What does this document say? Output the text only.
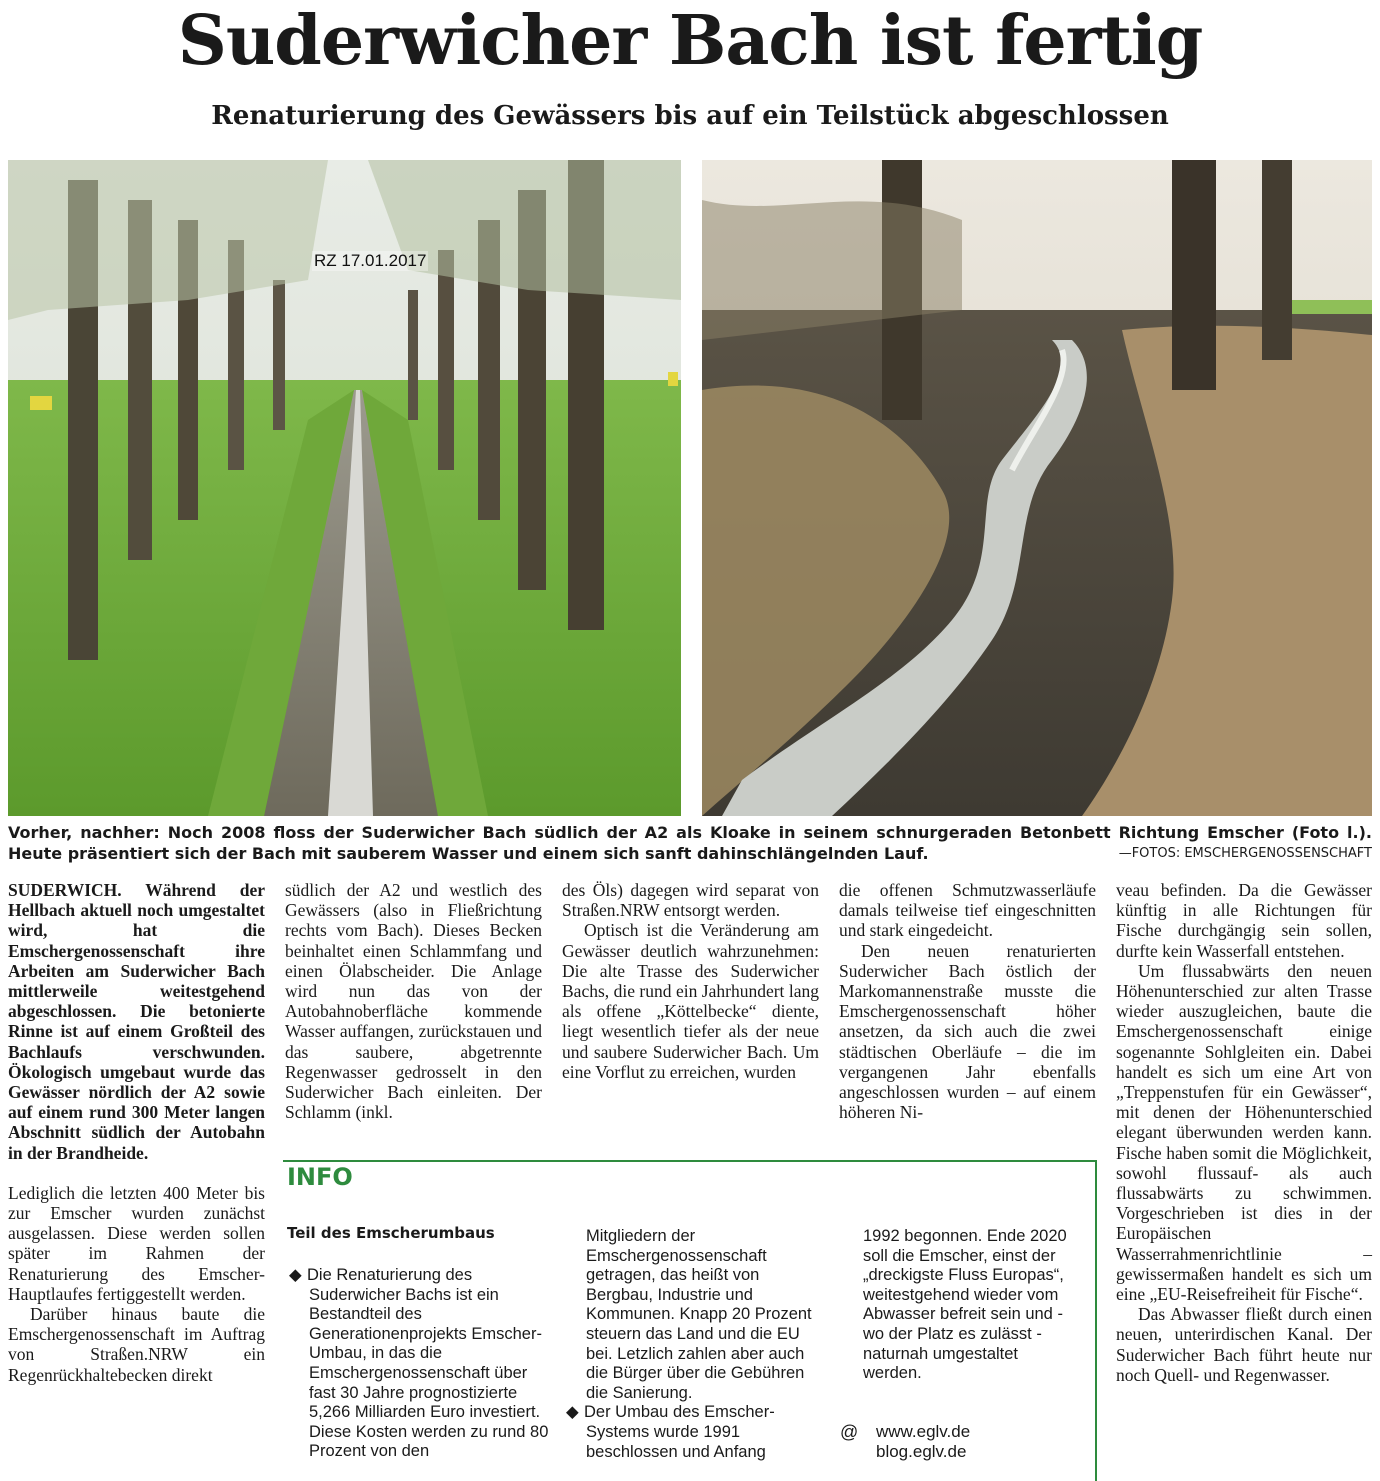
Suderwicher Bach ist fertig
Renaturierung des Gewässers bis auf ein Teilstück abgeschlossen
RZ 17.01.2017
Vorher, nachher: Noch 2008 floss der Suderwicher Bach südlich der A2 als Kloake in seinem schnurgeraden Betonbett Richtung Emscher (Foto l.). Heute präsentiert sich der Bach mit sauberem Wasser und einem sich sanft dahinschlängelnden Lauf.	—FOTOS: EMSCHERGENOSSENSCHAFT

SUDERWICH. Während der Hellbach aktuell noch umgestaltet wird, hat die Emschergenossenschaft ihre Arbeiten am Suderwicher Bach mittlerweile weitestgehend abgeschlossen. Die betonierte Rinne ist auf einem Großteil des Bachlaufs verschwunden. Ökologisch umgebaut wurde das Gewässer nördlich der A2 sowie auf einem rund 300 Meter langen Abschnitt südlich der Autobahn in der Brandheide.

Lediglich die letzten 400 Meter bis zur Emscher wurden zunächst ausgelassen. Diese werden sollen später im Rahmen der Renaturierung des Emscher-Hauptlaufes fertiggestellt werden.

Darüber hinaus baute die Emschergenossenschaft im Auftrag von Straßen.NRW ein Regenrückhaltebecken direkt

südlich der A2 und westlich des Gewässers (also in Fließrichtung rechts vom Bach). Dieses Becken beinhaltet einen Schlammfang und einen Ölabscheider. Die Anlage wird nun das von der Autobahnoberfläche kommende Wasser auffangen, zurückstauen und das saubere, abgetrennte Regenwasser gedrosselt in den Suderwicher Bach einleiten. Der Schlamm (inkl.

des Öls) dagegen wird separat von Straßen.NRW entsorgt werden.

Optisch ist die Veränderung am Gewässer deutlich wahrzunehmen: Die alte Trasse des Suderwicher Bachs, die rund ein Jahrhundert lang als offene „Köttelbecke“ diente, liegt wesentlich tiefer als der neue und saubere Suderwicher Bach. Um eine Vorflut zu erreichen, wurden

die offenen Schmutzwasserläufe damals teilweise tief eingeschnitten und stark eingedeicht.

Den neuen renaturierten Suderwicher Bach östlich der Markomannenstraße musste die Emschergenossenschaft höher ansetzen, da sich auch die zwei städtischen Oberläufe – die im vergangenen Jahr ebenfalls angeschlossen wurden – auf einem höheren Ni-

veau befinden. Da die Gewässer künftig in alle Richtungen für Fische durchgängig sein sollen, durfte kein Wasserfall entstehen.

Um flussabwärts den neuen Höhenunterschied zur alten Trasse wieder auszugleichen, baute die Emschergenossenschaft einige sogenannte Sohlgleiten ein. Dabei handelt es sich um eine Art von „Treppenstufen für ein Gewässer“, mit denen der Höhenunterschied elegant überwunden werden kann. Fische haben somit die Möglichkeit, sowohl flussauf- als auch flussabwärts zu schwimmen. Vorgeschrieben ist dies in der Europäischen Wasserrahmenrichtlinie – gewissermaßen handelt es sich um eine „EU-Reisefreiheit für Fische“.

Das Abwasser fließt durch einen neuen, unterirdischen Kanal. Der Suderwicher Bach führt heute nur noch Quell- und Regenwasser.

INFO
Teil des Emscherumbaus

◆ Die Renaturierung des Suderwicher Bachs ist ein Bestandteil des Generationenprojekts Emscher-Umbau, in das die Emschergenossenschaft über fast 30 Jahre prognostizierte 5,266 Milliarden Euro investiert. Diese Kosten werden zu rund 80 Prozent von den

Mitgliedern der Emschergenossenschaft getragen, das heißt von Bergbau, Industrie und Kommunen. Knapp 20 Prozent steuern das Land und die EU bei. Letzlich zahlen aber auch die Bürger über die Gebühren die Sanierung.

◆ Der Umbau des Emscher-Systems wurde 1991 beschlossen und Anfang

1992 begonnen. Ende 2020 soll die Emscher, einst der „dreckigste Fluss Europas“, weitestgehend wieder vom Abwasser befreit sein und - wo der Platz es zulässt - naturnah umgestaltet werden.

@ www.eglv.de
blog.eglv.de
